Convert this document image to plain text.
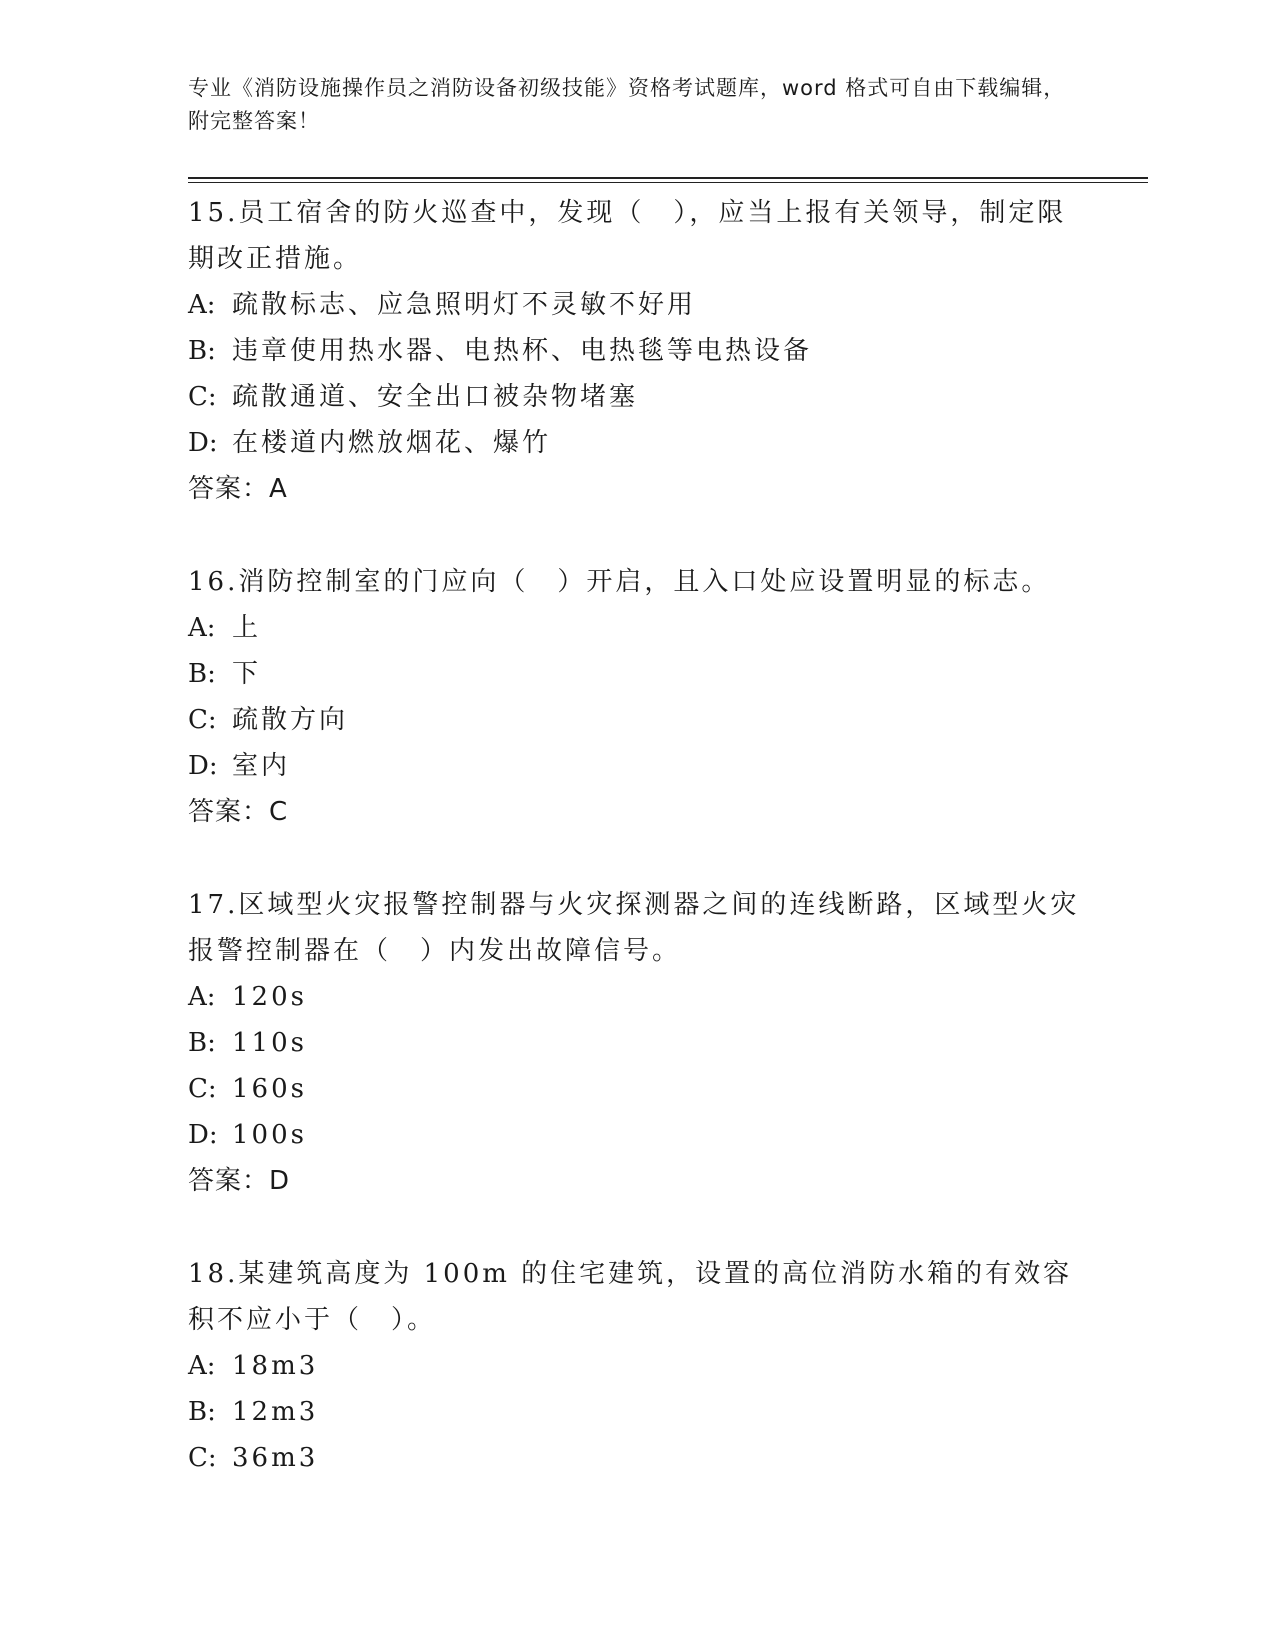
专业《消防设施操作员之消防设备初级技能》资格考试题库，word 格式可自由下载编辑，附完整答案！
15.员工宿舍的防火巡查中，发现（　），应当上报有关领导，制定限期改正措施。
A: 疏散标志、应急照明灯不灵敏不好用
B: 违章使用热水器、电热杯、电热毯等电热设备
C: 疏散通道、安全出口被杂物堵塞
D: 在楼道内燃放烟花、爆竹
答案：A
16.消防控制室的门应向（　）开启，且入口处应设置明显的标志。
A: 上
B: 下
C: 疏散方向
D: 室内
答案：C
17.区域型火灾报警控制器与火灾探测器之间的连线断路，区域型火灾报警控制器在（　）内发出故障信号。
A: 120s
B: 110s
C: 160s
D: 100s
答案：D
18.某建筑高度为 100m 的住宅建筑，设置的高位消防水箱的有效容积不应小于（　）。
A: 18m3
B: 12m3
C: 36m3
